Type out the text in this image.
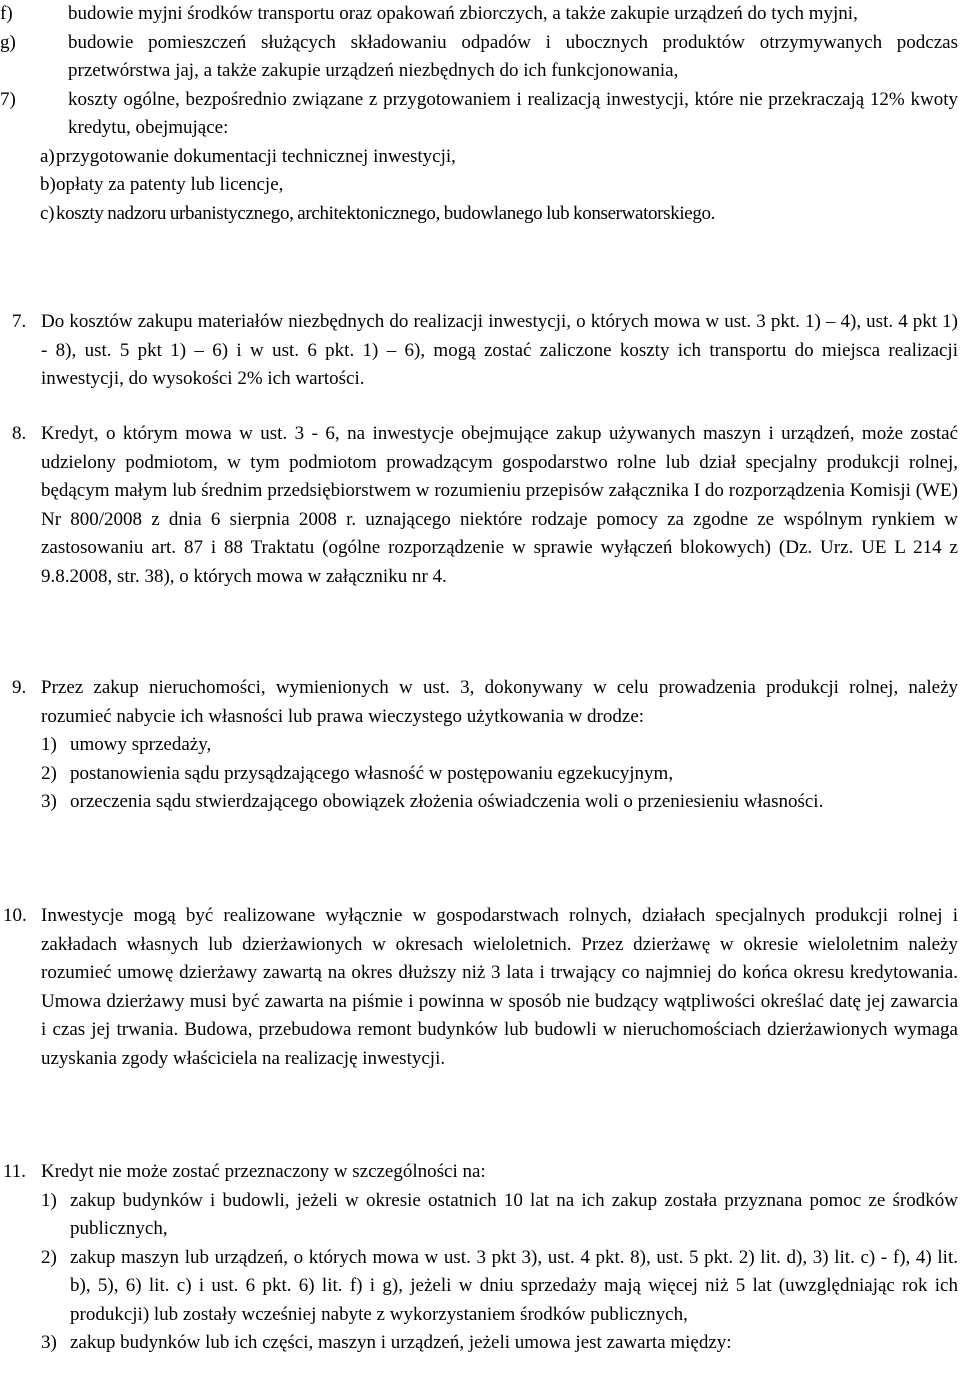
f)	budowie myjni środków transportu oraz opakowań zbiorczych, a także zakupie urządzeń do tych myjni,
g)	budowie pomieszczeń służących składowaniu odpadów i ubocznych produktów otrzymywanych podczas przetwórstwa jaj, a także zakupie urządzeń niezbędnych do ich funkcjonowania,
7)	koszty ogólne, bezpośrednio związane z przygotowaniem i realizacją inwestycji, które nie przekraczają 12% kwoty kredytu, obejmujące:
a) przygotowanie dokumentacji technicznej inwestycji,
b) opłaty za patenty lub licencje,
c) koszty nadzoru urbanistycznego, architektonicznego, budowlanego lub konserwatorskiego.
7. Do kosztów zakupu materiałów niezbędnych do realizacji inwestycji, o których mowa w ust. 3 pkt. 1) – 4), ust. 4 pkt 1) - 8), ust. 5 pkt 1) – 6) i w ust. 6 pkt. 1) – 6), mogą zostać zaliczone koszty ich transportu do miejsca realizacji inwestycji, do wysokości 2% ich wartości.
8. Kredyt, o którym mowa w ust. 3 - 6, na inwestycje obejmujące zakup używanych maszyn i urządzeń, może zostać udzielony podmiotom, w tym podmiotom prowadzącym gospodarstwo rolne lub dział specjalny produkcji rolnej, będącym małym lub średnim przedsiębiorstwem w rozumieniu przepisów załącznika I do rozporządzenia Komisji (WE) Nr 800/2008 z dnia 6 sierpnia 2008 r. uznającego niektóre rodzaje pomocy za zgodne ze wspólnym rynkiem w zastosowaniu art. 87 i 88 Traktatu (ogólne rozporządzenie w sprawie wyłączeń blokowych) (Dz. Urz. UE L 214 z 9.8.2008, str. 38), o których mowa w załączniku nr 4.
9. Przez zakup nieruchomości, wymienionych w ust. 3, dokonywany w celu prowadzenia produkcji rolnej, należy rozumieć nabycie ich własności lub prawa wieczystego użytkowania w drodze:
1) umowy sprzedaży,
2) postanowienia sądu przysądzającego własność w postępowaniu egzekucyjnym,
3) orzeczenia sądu stwierdzającego obowiązek złożenia oświadczenia woli o przeniesieniu własności.
10. Inwestycje mogą być realizowane wyłącznie w gospodarstwach rolnych, działach specjalnych produkcji rolnej i zakładach własnych lub dzierżawionych w okresach wieloletnich. Przez dzierżawę w okresie wieloletnim należy rozumieć umowę dzierżawy zawartą na okres dłuższy niż 3 lata i trwający co najmniej do końca okresu kredytowania. Umowa dzierżawy musi być zawarta na piśmie i powinna w sposób nie budzący wątpliwości określać datę jej zawarcia i czas jej trwania. Budowa, przebudowa remont budynków lub budowli w nieruchomościach dzierżawionych wymaga uzyskania zgody właściciela na realizację inwestycji.
11. Kredyt nie może zostać przeznaczony w szczególności na:
1) zakup budynków i budowli, jeżeli w okresie ostatnich 10 lat na ich zakup została przyznana pomoc ze środków publicznych,
2) zakup maszyn lub urządzeń, o których mowa w ust. 3 pkt 3), ust. 4 pkt. 8), ust. 5 pkt. 2) lit. d), 3) lit. c) - f), 4) lit. b), 5), 6) lit. c) i ust. 6 pkt. 6) lit. f) i g), jeżeli w dniu sprzedaży mają więcej niż 5 lat (uwzględniając rok ich produkcji) lub zostały wcześniej nabyte z wykorzystaniem środków publicznych,
3) zakup budynków lub ich części, maszyn i urządzeń, jeżeli umowa jest zawarta między:
